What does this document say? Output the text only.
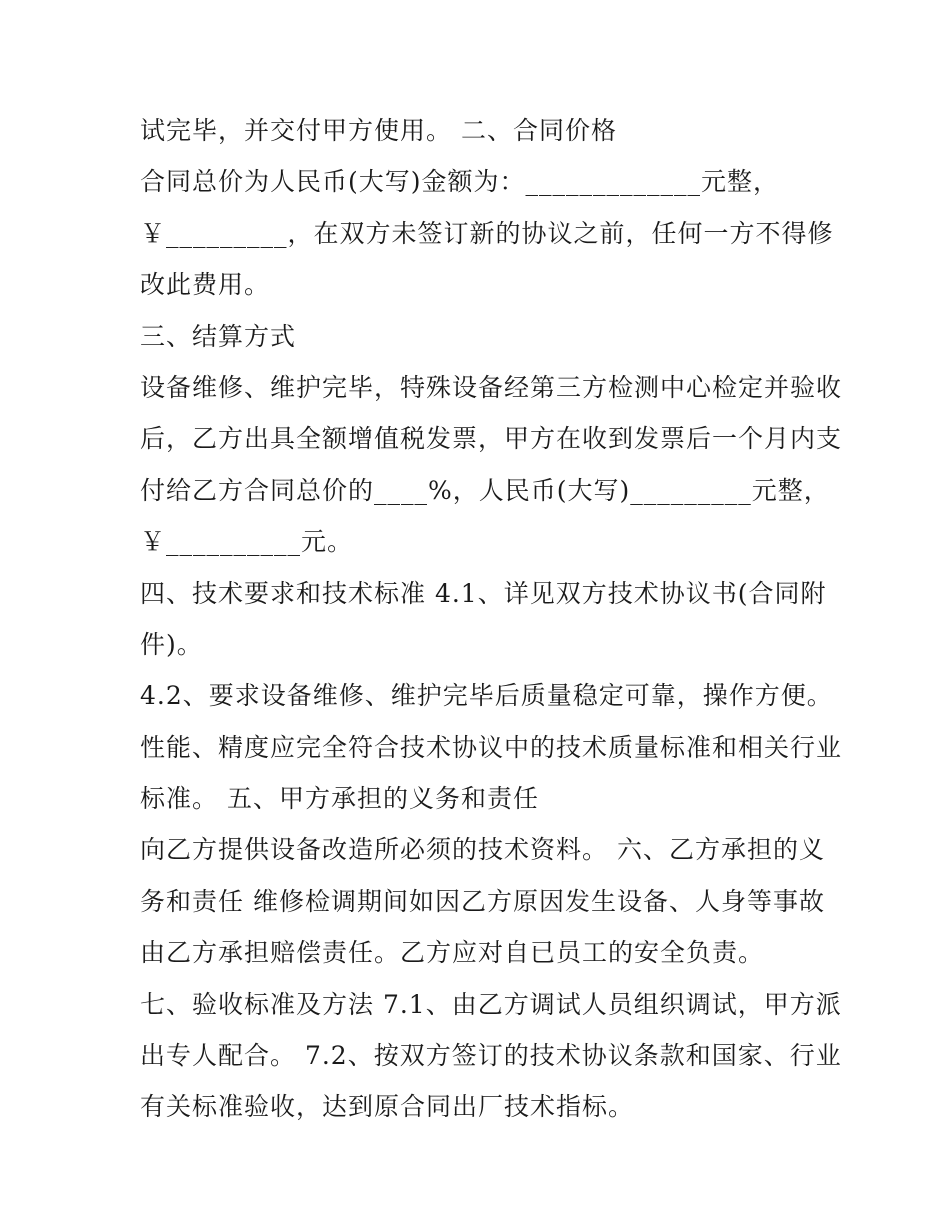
试完毕，并交付甲方使用。 二、合同价格
合同总价为人民币(大写)金额为：_____________元整，
￥_________，在双方未签订新的协议之前，任何一方不得修
改此费用。
三、结算方式
设备维修、维护完毕，特殊设备经第三方检测中心检定并验收
后，乙方出具全额增值税发票，甲方在收到发票后一个月内支
付给乙方合同总价的____%，人民币(大写)_________元整，
￥__________元。
四、技术要求和技术标准 4.1、详见双方技术协议书(合同附
件)。
4.2、要求设备维修、维护完毕后质量稳定可靠，操作方便。
性能、精度应完全符合技术协议中的技术质量标准和相关行业
标准。 五、甲方承担的义务和责任
向乙方提供设备改造所必须的技术资料。 六、乙方承担的义
务和责任 维修检调期间如因乙方原因发生设备、人身等事故
由乙方承担赔偿责任。乙方应对自已员工的安全负责。
七、验收标准及方法 7.1、由乙方调试人员组织调试，甲方派
出专人配合。 7.2、按双方签订的技术协议条款和国家、行业
有关标准验收，达到原合同出厂技术指标。
